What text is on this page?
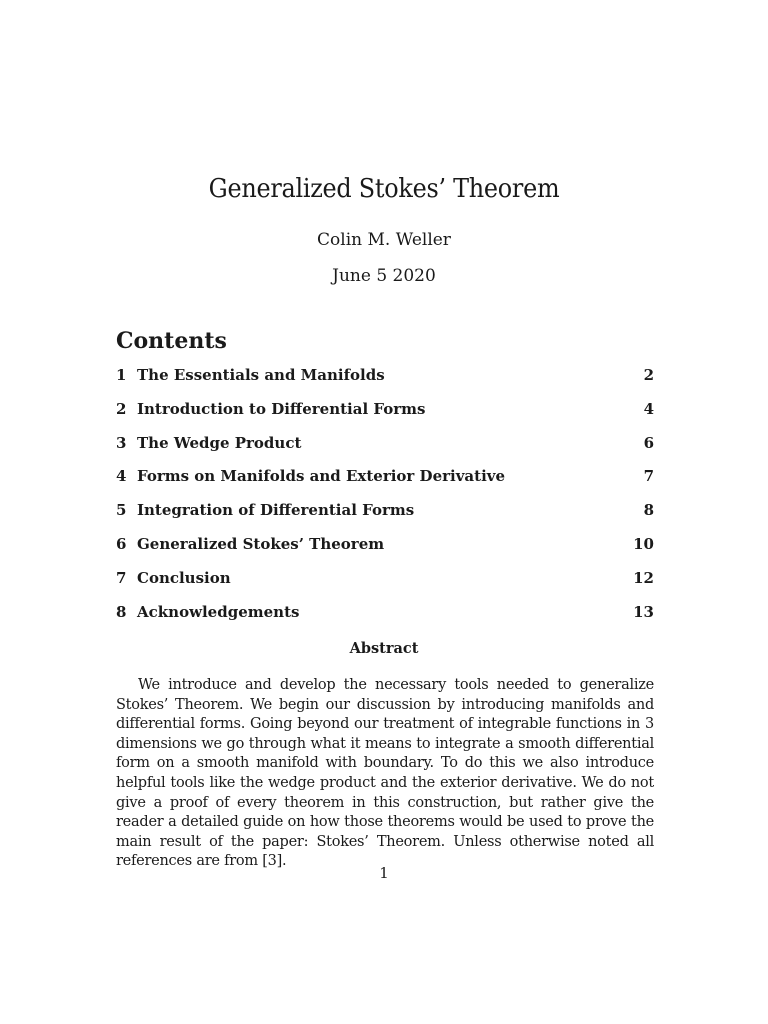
Generalized Stokes’ Theorem
Colin M. Weller
June 5 2020
Contents
1 The Essentials and Manifolds	2
2 Introduction to Differential Forms	4
3 The Wedge Product	6
4 Forms on Manifolds and Exterior Derivative	7
5 Integration of Differential Forms	8
6 Generalized Stokes’ Theorem	10
7 Conclusion	12
8 Acknowledgements	13
Abstract

We introduce and develop the necessary tools needed to generalize Stokes’ Theorem. We begin our discussion by introducing manifolds and differential forms. Going beyond our treatment of integrable functions in 3 dimensions we go through what it means to integrate a smooth differential form on a smooth manifold with boundary. To do this we also introduce helpful tools like the wedge product and the exterior derivative. We do not give a proof of every theorem in this construction, but rather give the reader a detailed guide on how those theorems would be used to prove the main result of the paper: Stokes’ Theorem. Unless otherwise noted all references are from [3].

1
